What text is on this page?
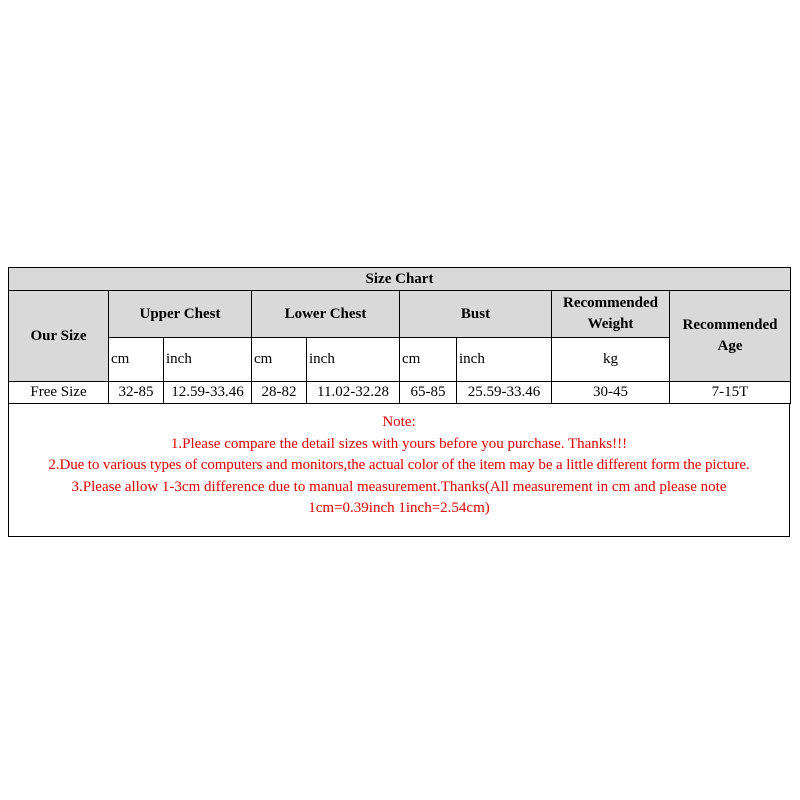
Size Chart								
Our Size	Upper Chest		Lower Chest		Bust		Recommended Weight	Recommended Age
	cm	inch	cm	inch	cm	inch	kg	
Free Size	32-85	12.59-33.46	28-82	11.02-32.28	65-85	25.59-33.46	30-45	7-15T
Note:
1.Please compare the detail sizes with yours before you purchase. Thanks!!!
2.Due to various types of computers and monitors,the actual color of the item may be a little different form the picture.
3.Please allow 1-3cm difference due to manual measurement.Thanks(All measurement in cm and please note
1cm=0.39inch 1inch=2.54cm)
